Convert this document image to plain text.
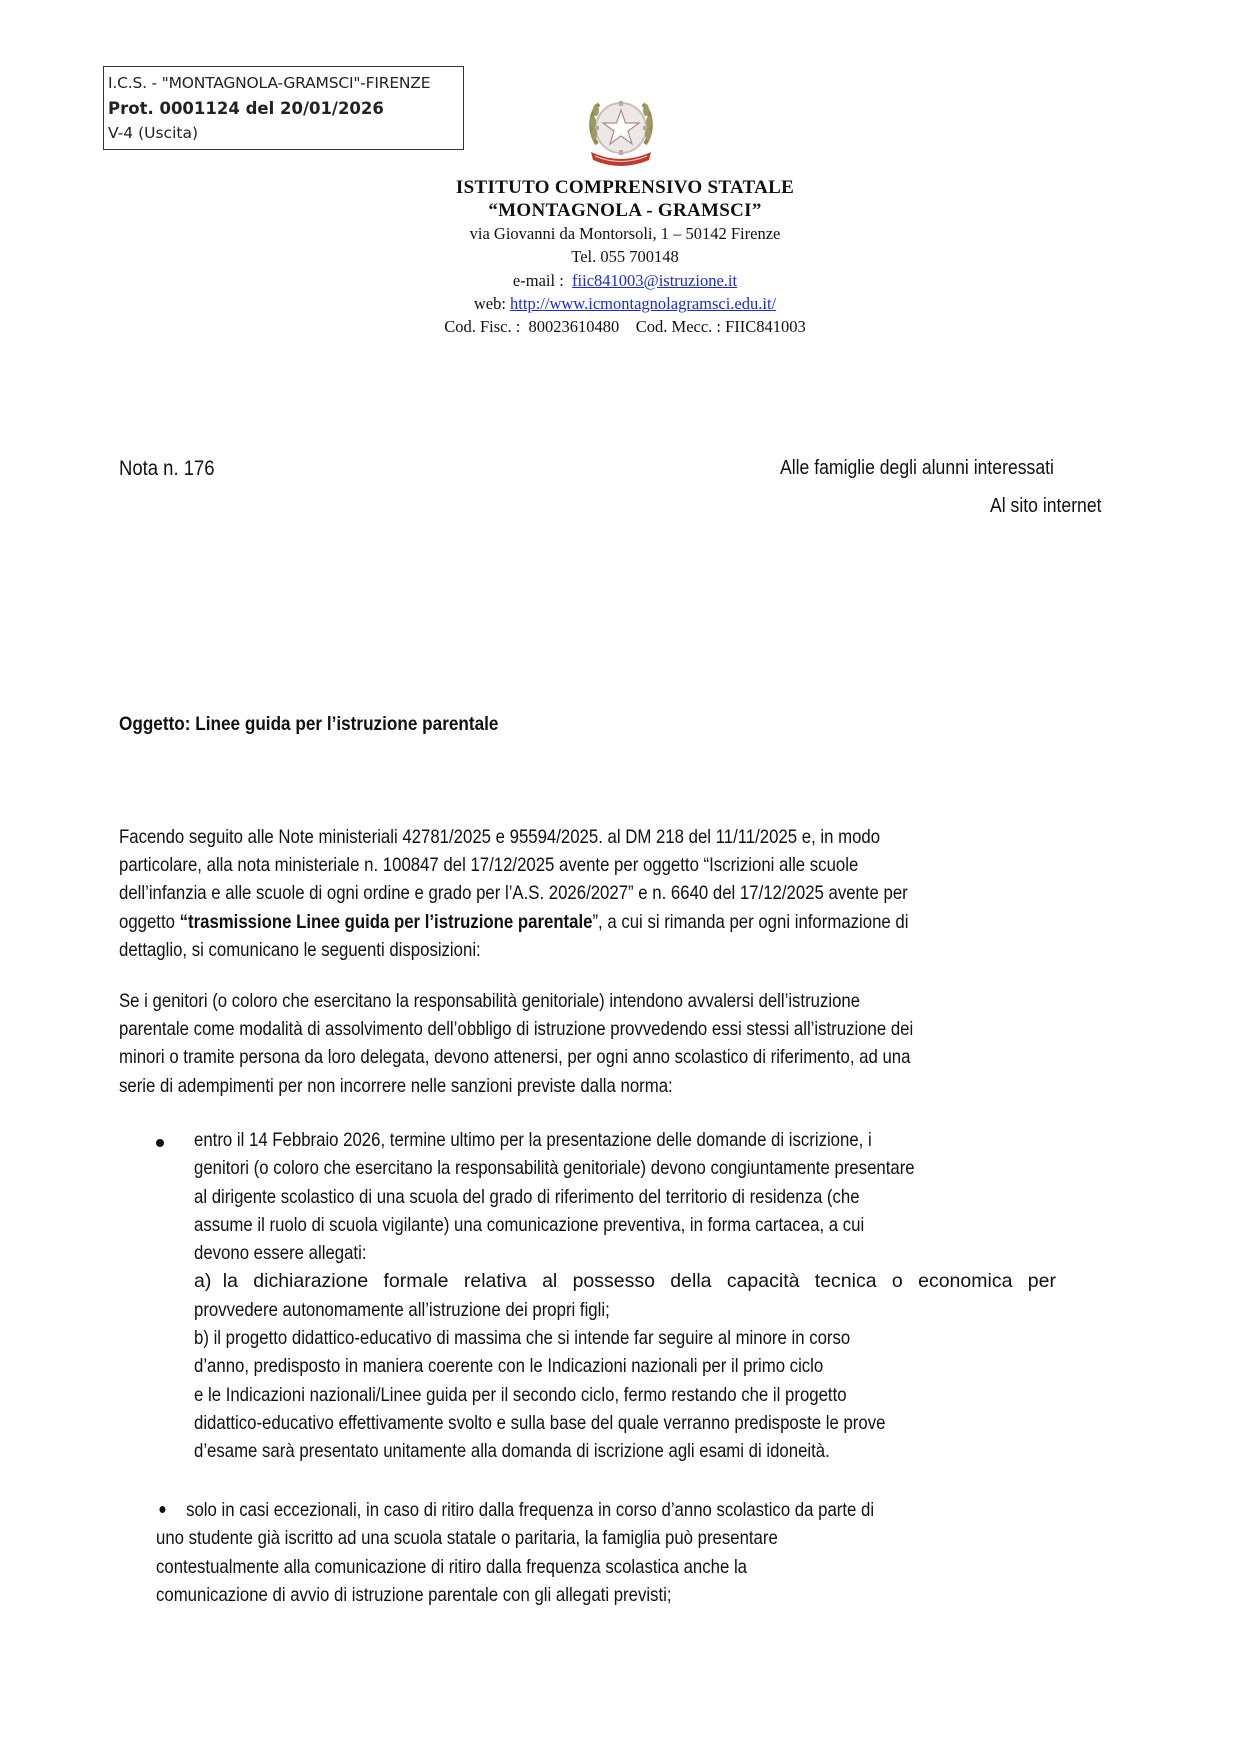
I.C.S. - "MONTAGNOLA-GRAMSCI"-FIRENZE
Prot. 0001124 del 20/01/2026
V-4 (Uscita)
ISTITUTO COMPRENSIVO STATALE
“MONTAGNOLA - GRAMSCI”
via Giovanni da Montorsoli, 1 – 50142 Firenze
Tel. 055 700148
e-mail : fiic841003@istruzione.it
web: http://www.icmontagnolagramsci.edu.it/
Cod. Fisc. :  80023610480    Cod. Mecc. : FIIC841003
Nota n. 176	Alle famiglie degli alunni interessati
Al sito internet
Oggetto: Linee guida per l’istruzione parentale
Facendo seguito alle Note ministeriali 42781/2025 e 95594/2025. al DM 218 del 11/11/2025 e, in modo
particolare, alla nota ministeriale n. 100847 del 17/12/2025 avente per oggetto “Iscrizioni alle scuole
dell’infanzia e alle scuole di ogni ordine e grado per l’A.S. 2026/2027” e n. 6640 del 17/12/2025 avente per
oggetto “trasmissione Linee guida per l’istruzione parentale”, a cui si rimanda per ogni informazione di
dettaglio, si comunicano le seguenti disposizioni:
Se i genitori (o coloro che esercitano la responsabilità genitoriale) intendono avvalersi dell’istruzione
parentale come modalità di assolvimento dell’obbligo di istruzione provvedendo essi stessi all’istruzione dei
minori o tramite persona da loro delegata, devono attenersi, per ogni anno scolastico di riferimento, ad una
serie di adempimenti per non incorrere nelle sanzioni previste dalla norma:
entro il 14 Febbraio 2026, termine ultimo per la presentazione delle domande di iscrizione, i
genitori (o coloro che esercitano la responsabilità genitoriale) devono congiuntamente presentare
al dirigente scolastico di una scuola del grado di riferimento del territorio di residenza (che
assume il ruolo di scuola vigilante) una comunicazione preventiva, in forma cartacea, a cui
devono essere allegati:
a) la dichiarazione formale relativa al possesso della capacità tecnica o economica per
provvedere autonomamente all’istruzione dei propri figli;
b) il progetto didattico-educativo di massima che si intende far seguire al minore in corso
d’anno, predisposto in maniera coerente con le Indicazioni nazionali per il primo ciclo
e le Indicazioni nazionali/Linee guida per il secondo ciclo, fermo restando che il progetto
didattico-educativo effettivamente svolto e sulla base del quale verranno predisposte le prove
d’esame sarà presentato unitamente alla domanda di iscrizione agli esami di idoneità.
solo in casi eccezionali, in caso di ritiro dalla frequenza in corso d’anno scolastico da parte di
uno studente già iscritto ad una scuola statale o paritaria, la famiglia può presentare
contestualmente alla comunicazione di ritiro dalla frequenza scolastica anche la
comunicazione di avvio di istruzione parentale con gli allegati previsti;
